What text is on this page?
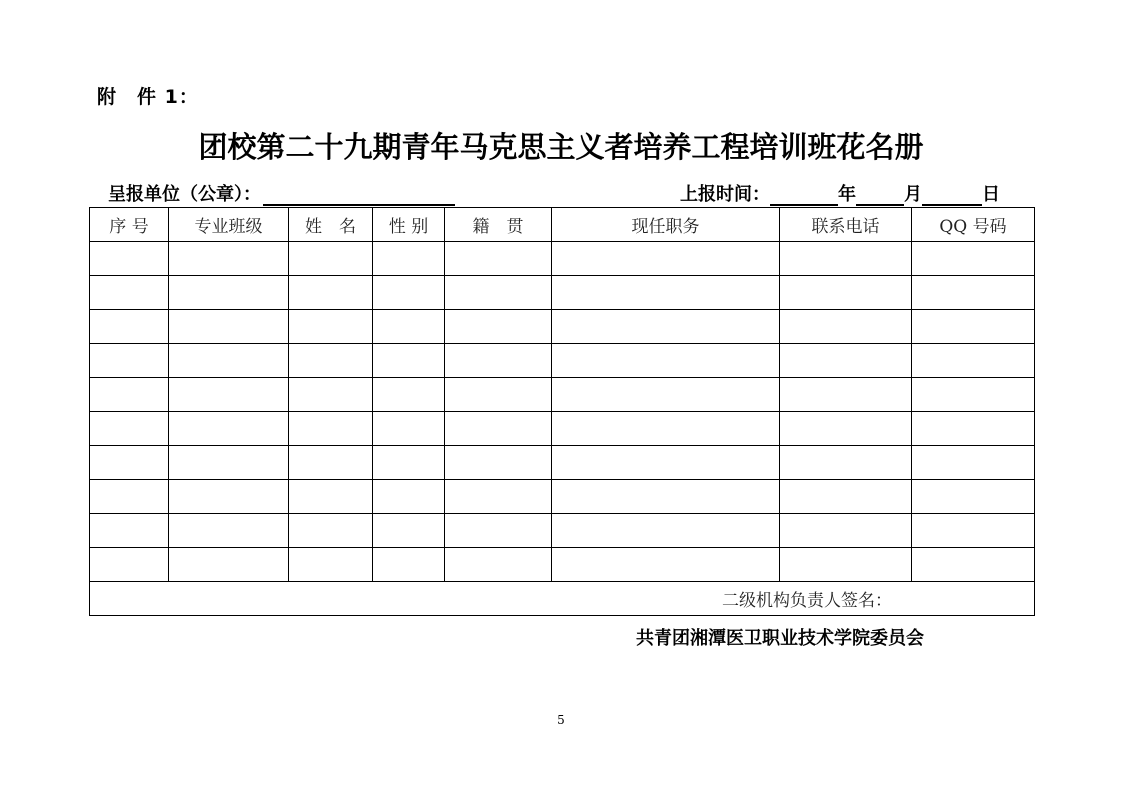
附　件 1：
团校第二十九期青年马克思主义者培养工程培训班花名册
呈报单位（公章）：	上报时间：	年	月	日
序 号	专业班级	姓　名	性 别	籍　贯	现任职务	联系电话	QQ 号码

二级机构负责人签名：							
共青团湘潭医卫职业技术学院委员会
5
